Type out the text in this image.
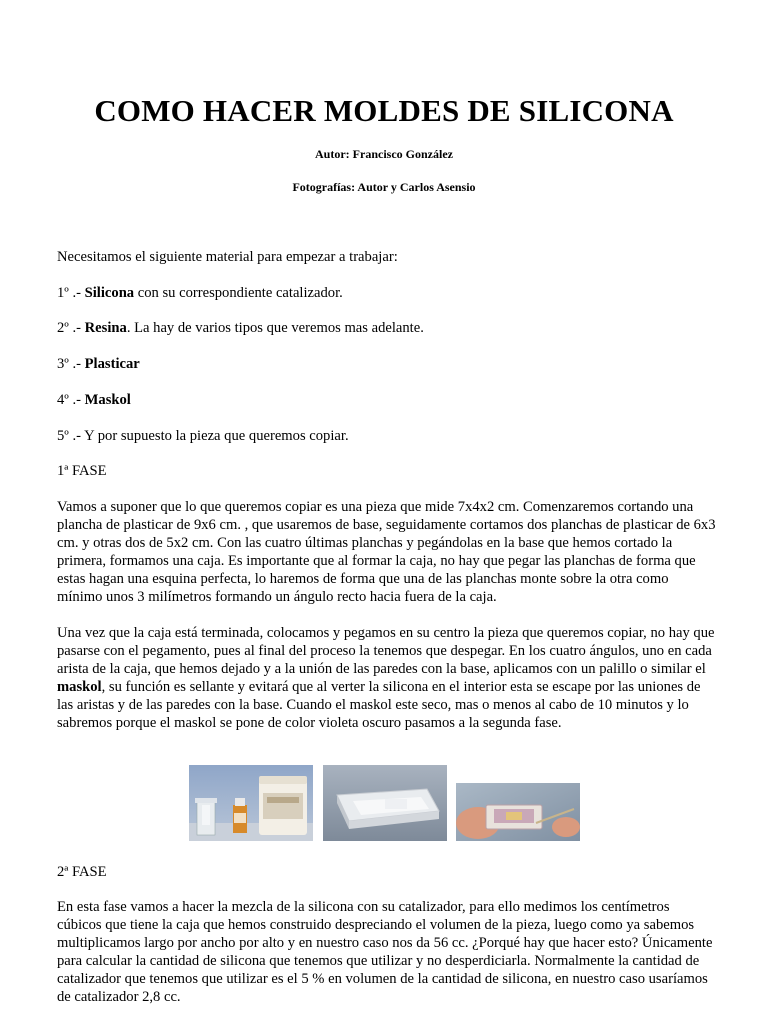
COMO HACER MOLDES DE SILICONA
Autor: Francisco González
Fotografías: Autor y Carlos Asensio

Necesitamos el siguiente material para empezar a trabajar:

1º .- Silicona con su correspondiente catalizador.

2º .- Resina. La hay de varios tipos que veremos mas adelante.

3º .- Plasticar

4º .- Maskol

5º .- Y por supuesto la pieza que queremos copiar.

1ª FASE

Vamos a suponer que lo que queremos copiar es una pieza que mide 7x4x2 cm. Comenzaremos cortando una plancha de plasticar de 9x6 cm. , que usaremos de base, seguidamente cortamos dos planchas de plasticar de 6x3 cm. y otras dos de 5x2 cm. Con las cuatro últimas planchas y pegándolas en la base que hemos cortado la primera, formamos una caja. Es importante que al formar la caja, no hay que pegar las planchas de forma que estas hagan una esquina perfecta, lo haremos de forma que una de las planchas monte sobre la otra como mínimo unos 3 milímetros formando un ángulo recto hacia fuera de la caja.

Una vez que la caja está terminada, colocamos y pegamos en su centro la pieza que queremos copiar, no hay que pasarse con el pegamento, pues al final del proceso la tenemos que despegar. En los cuatro ángulos, uno en cada arista de la caja, que hemos dejado y a la unión de las paredes con la base, aplicamos con un palillo o similar el maskol, su función es sellante y evitará que al verter la silicona en el interior esta se escape por las uniones de las aristas y de las paredes con la base. Cuando el maskol este seco, mas o menos al cabo de 10 minutos y lo sabremos porque el maskol se pone de color violeta oscuro pasamos a la segunda fase.

2ª FASE

En esta fase vamos a hacer la mezcla de la silicona con su catalizador, para ello medimos los centímetros cúbicos que tiene la caja que hemos construido despreciando el volumen de la pieza, luego como ya sabemos multiplicamos largo por ancho por alto y en nuestro caso nos da 56 cc. ¿Porqué hay que hacer esto? Únicamente para calcular la cantidad de silicona que tenemos que utilizar y no desperdiciarla. Normalmente la cantidad de catalizador que tenemos que utilizar es el 5 % en volumen de la cantidad de silicona, en nuestro caso usaríamos de catalizador 2,8 cc.
